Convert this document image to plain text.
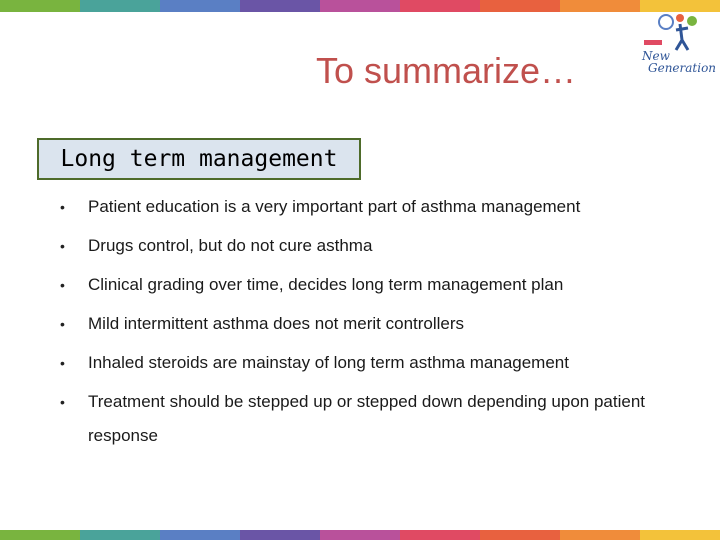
To summarize…	New
Generation
Long term management
• Patient education is a very important part of asthma management
• Drugs control, but do not cure asthma
• Clinical grading over time, decides long term management plan
• Mild intermittent asthma does not merit controllers
• Inhaled steroids are mainstay of long term asthma management
• Treatment should be stepped up or stepped down depending upon patient response
